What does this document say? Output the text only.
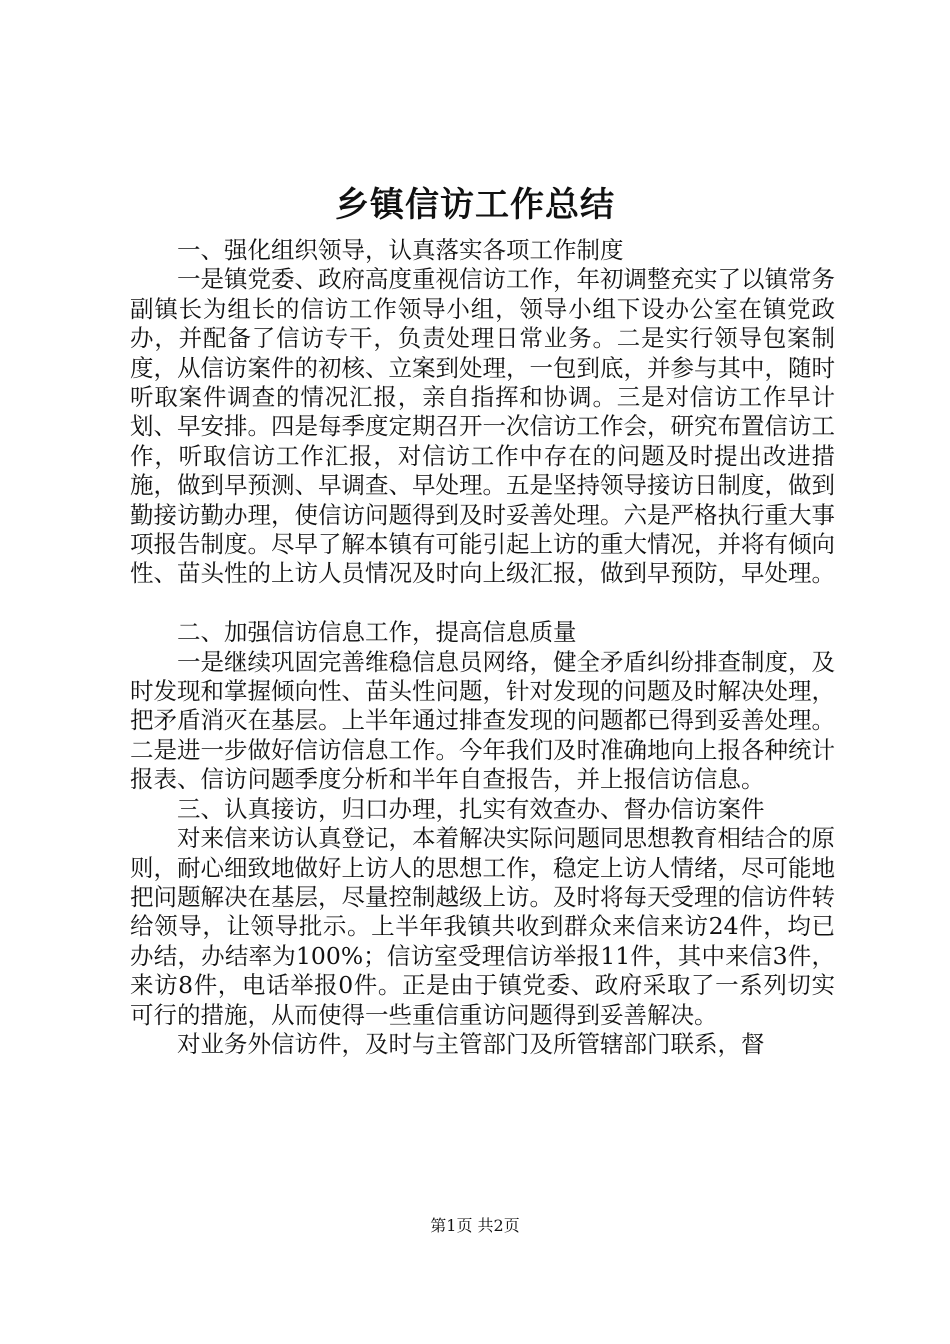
乡镇信访工作总结

一、强化组织领导，认真落实各项工作制度

一是镇党委、政府高度重视信访工作，年初调整充实了以镇常务副镇长为组长的信访工作领导小组，领导小组下设办公室在镇党政办，并配备了信访专干，负责处理日常业务。二是实行领导包案制度，从信访案件的初核、立案到处理，一包到底，并参与其中，随时听取案件调查的情况汇报，亲自指挥和协调。三是对信访工作早计划、早安排。四是每季度定期召开一次信访工作会，研究布置信访工作，听取信访工作汇报，对信访工作中存在的问题及时提出改进措施，做到早预测、早调查、早处理。五是坚持领导接访日制度，做到勤接访勤办理，使信访问题得到及时妥善处理。六是严格执行重大事项报告制度。尽早了解本镇有可能引起上访的重大情况，并将有倾向性、苗头性的上访人员情况及时向上级汇报，做到早预防，早处理。

二、加强信访信息工作，提高信息质量

一是继续巩固完善维稳信息员网络，健全矛盾纠纷排查制度，及时发现和掌握倾向性、苗头性问题，针对发现的问题及时解决处理，把矛盾消灭在基层。上半年通过排查发现的问题都已得到妥善处理。二是进一步做好信访信息工作。今年我们及时准确地向上报各种统计报表、信访问题季度分析和半年自查报告，并上报信访信息。

三、认真接访，归口办理，扎实有效查办、督办信访案件

对来信来访认真登记，本着解决实际问题同思想教育相结合的原则，耐心细致地做好上访人的思想工作，稳定上访人情绪，尽可能地把问题解决在基层，尽量控制越级上访。及时将每天受理的信访件转给领导，让领导批示。上半年我镇共收到群众来信来访24件，均已办结，办结率为100%；信访室受理信访举报11件，其中来信3件，来访8件，电话举报0件。正是由于镇党委、政府采取了一系列切实可行的措施，从而使得一些重信重访问题得到妥善解决。

对业务外信访件，及时与主管部门及所管辖部门联系，督

第1页 共2页
